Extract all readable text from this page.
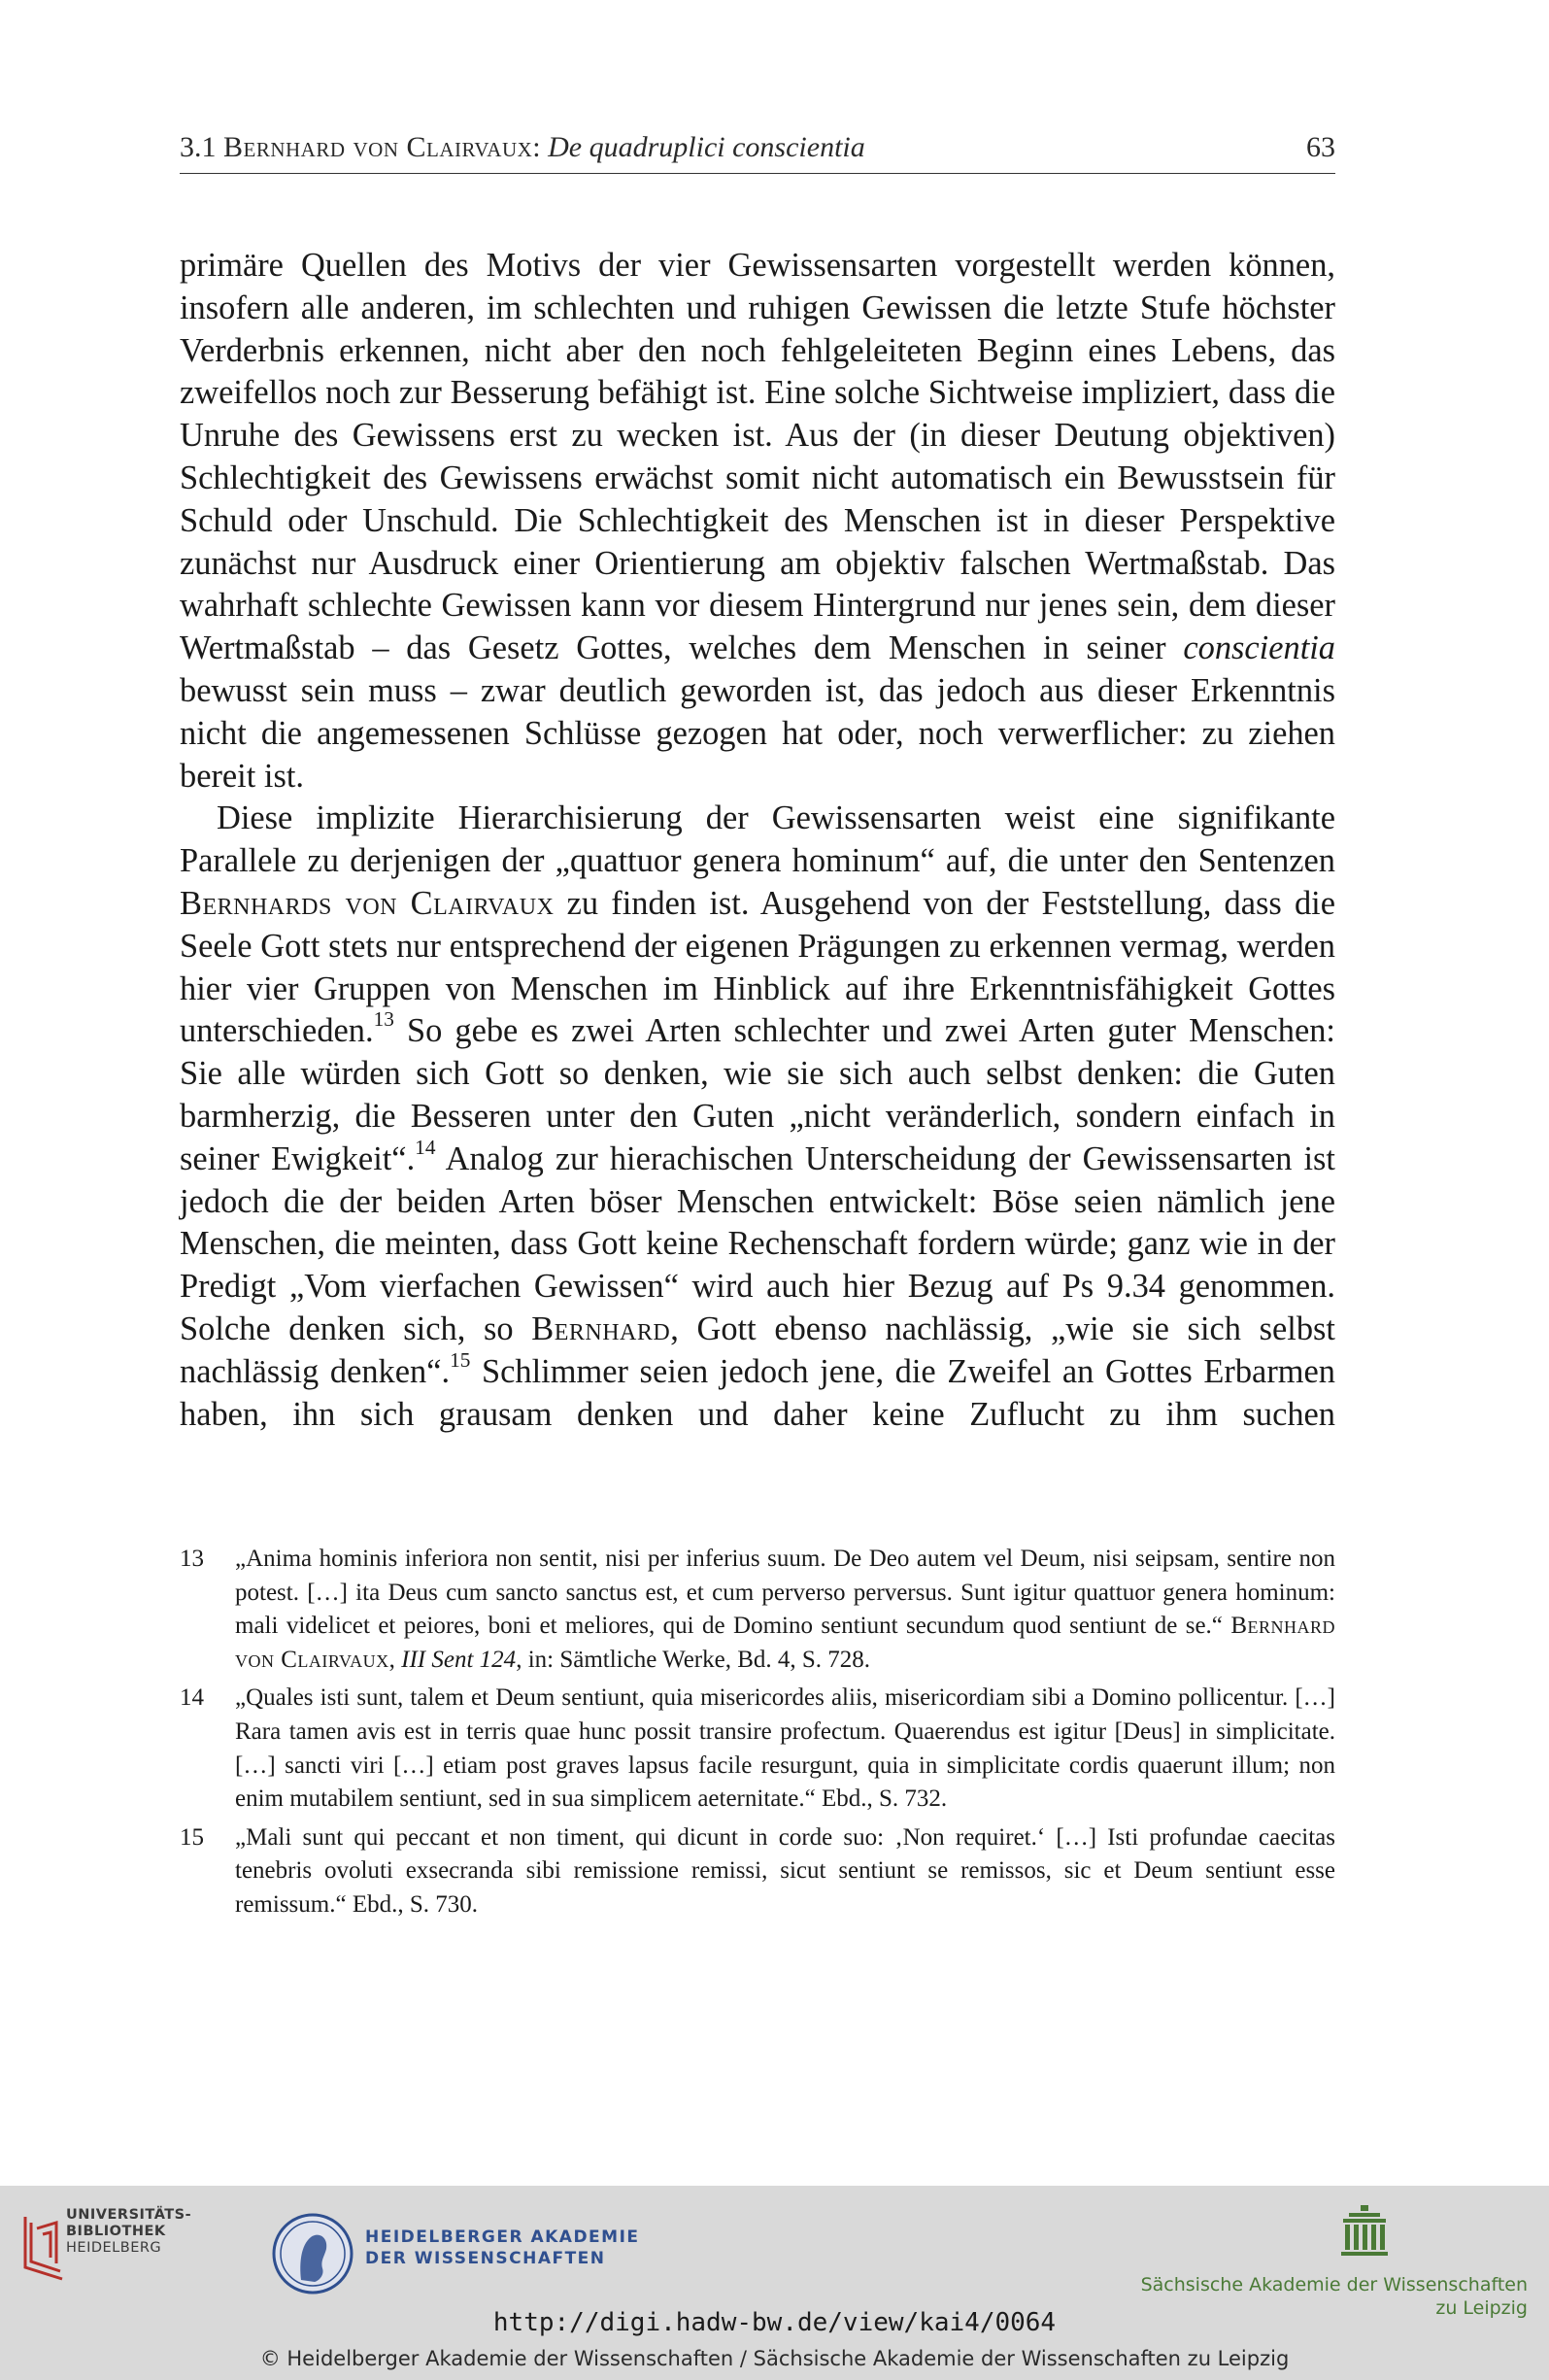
3.1 Bernhard von Clairvaux: De quadruplici conscientia	63

primäre Quellen des Motivs der vier Gewissensarten vorgestellt werden können, insofern alle anderen, im schlechten und ruhigen Gewissen die letzte Stufe höchster Verderbnis erkennen, nicht aber den noch fehlgeleiteten Beginn eines Lebens, das zweifellos noch zur Besserung befähigt ist. Eine solche Sichtweise impliziert, dass die Unruhe des Gewissens erst zu wecken ist. Aus der (in dieser Deutung objektiven) Schlechtigkeit des Gewissens erwächst somit nicht automatisch ein Bewusstsein für Schuld oder Unschuld. Die Schlechtigkeit des Menschen ist in dieser Perspektive zunächst nur Ausdruck einer Orientierung am objektiv falschen Wertmaßstab. Das wahrhaft schlechte Gewissen kann vor diesem Hintergrund nur jenes sein, dem dieser Wertmaßstab – das Gesetz Gottes, welches dem Menschen in seiner conscientia bewusst sein muss – zwar deutlich geworden ist, das jedoch aus dieser Erkenntnis nicht die angemessenen Schlüsse gezogen hat oder, noch verwerflicher: zu ziehen bereit ist.

Diese implizite Hierarchisierung der Gewissensarten weist eine signifikante Parallele zu derjenigen der „quattuor genera hominum“ auf, die unter den Sentenzen Bernhards von Clairvaux zu finden ist. Ausgehend von der Feststellung, dass die Seele Gott stets nur entsprechend der eigenen Prägungen zu erkennen vermag, werden hier vier Gruppen von Menschen im Hinblick auf ihre Erkenntnisfähigkeit Gottes unterschieden.$^{13}$ So gebe es zwei Arten schlechter und zwei Arten guter Menschen: Sie alle würden sich Gott so denken, wie sie sich auch selbst denken: die Guten barmherzig, die Besseren unter den Guten „nicht veränderlich, sondern einfach in seiner Ewigkeit“.$^{14}$ Analog zur hierachischen Unterscheidung der Gewissensarten ist jedoch die der beiden Arten böser Menschen entwickelt: Böse seien nämlich jene Menschen, die meinten, dass Gott keine Rechenschaft fordern würde; ganz wie in der Predigt „Vom vierfachen Gewissen“ wird auch hier Bezug auf Ps 9.34 genommen. Solche denken sich, so Bernhard, Gott ebenso nachlässig, „wie sie sich selbst nachlässig denken“.$^{15}$ Schlimmer seien jedoch jene, die Zweifel an Gottes Erbarmen haben, ihn sich grausam denken und daher keine Zuflucht zu ihm suchen

13 „Anima hominis inferiora non sentit, nisi per inferius suum. De Deo autem vel Deum, nisi seipsam, sentire non potest. […] ita Deus cum sancto sanctus est, et cum perverso perversus. Sunt igitur quattuor genera hominum: mali videlicet et peiores, boni et meliores, qui de Domino sentiunt secundum quod sentiunt de se.“ Bernhard von Clairvaux, III Sent 124, in: Sämtliche Werke, Bd. 4, S. 728.
14 „Quales isti sunt, talem et Deum sentiunt, quia misericordes aliis, misericordiam sibi a Domino pollicentur. […] Rara tamen avis est in terris quae hunc possit transire profectum. Quaerendus est igitur [Deus] in simplicitate. […] sancti viri […] etiam post graves lapsus facile resurgunt, quia in simplicitate cordis quaerunt illum; non enim mutabilem sentiunt, sed in sua simplicem aeternitate.“ Ebd., S. 732.
15 „Mali sunt qui peccant et non timent, qui dicunt in corde suo: ‚Non requiret.‘ […] Isti profundae caecitas tenebris ovoluti exsecranda sibi remissione remissi, sicut sentiunt se remissos, sic et Deum sentiunt esse remissum.“ Ebd., S. 730.
UNIVERSITÄTS-
BIBLIOTHEK
HEIDELBERG
HEIDELBERGER AKADEMIE
DER WISSENSCHAFTEN
Sächsische Akademie der Wissenschaften
zu Leipzig
http://digi.hadw-bw.de/view/kai4/0064
© Heidelberger Akademie der Wissenschaften / Sächsische Akademie der Wissenschaften zu Leipzig
